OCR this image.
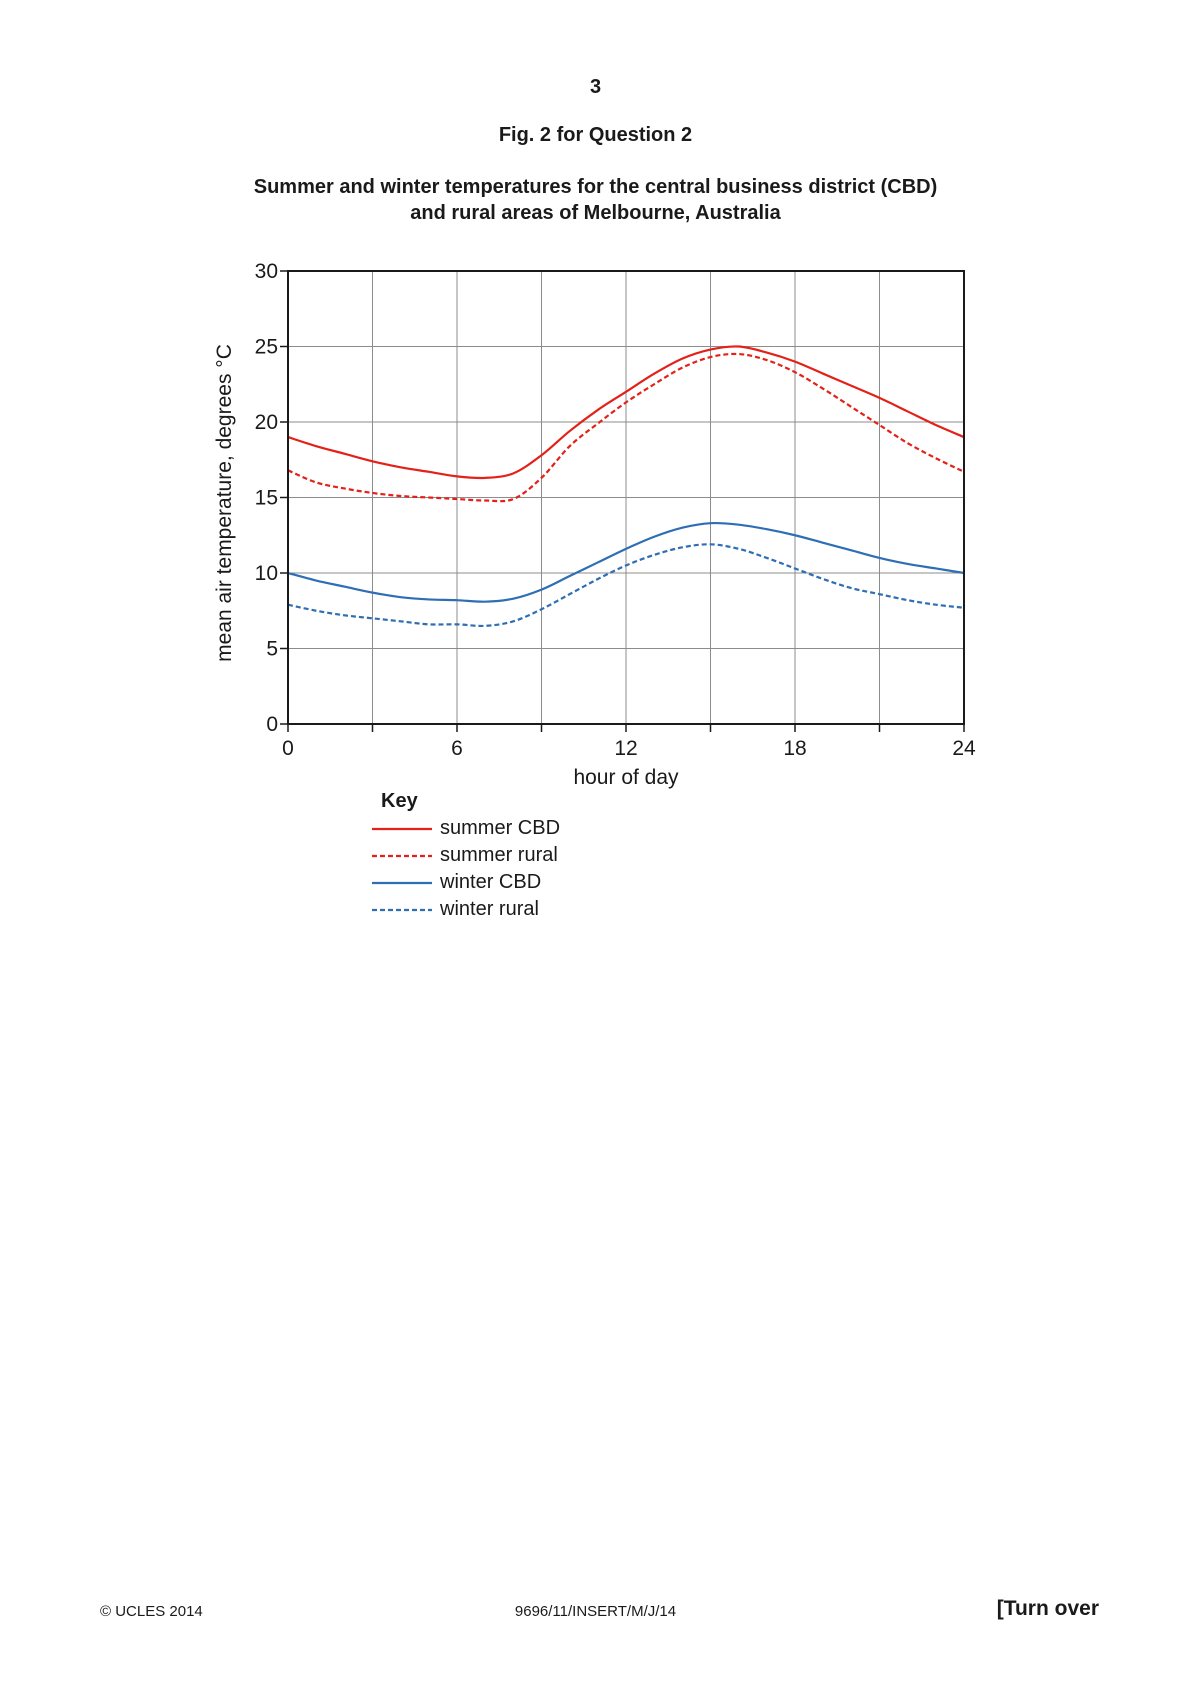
3
Fig. 2 for Question 2
Summer and winter temperatures for the central business district (CBD)
and rural areas of Melbourne, Australia
0	6	12	18	24
0
5
10
15
20
25
30
hour of day
mean air temperature, degrees °C
Key
summer CBD
summer rural
winter CBD
winter rural
© UCLES 2014	9696/11/INSERT/M/J/14	[Turn over
